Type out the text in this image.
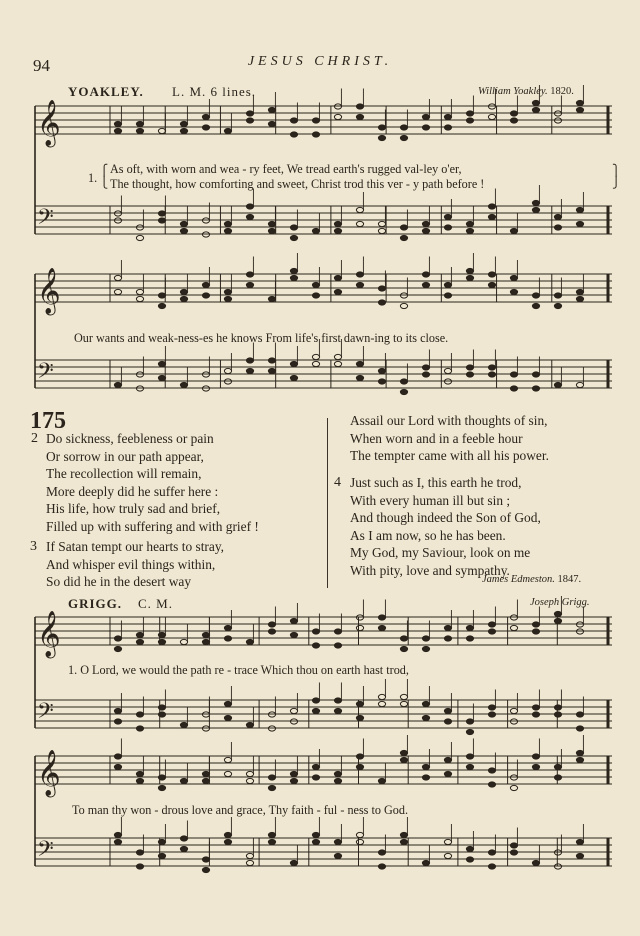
94	JESUS CHRIST.
YOAKLEY. L. M. 6 lines.	William Yoakley. 1820.
𝄞
𝄢
𝄞
𝄢
𝄞
𝄢
𝄞
𝄢
1. ⎧
⎩
As oft, with worn and wea - ry feet, We tread earth's rugged val-ley o'er,
The thought, how comforting and sweet, Christ trod this ver - y path before !
⎫
⎭
Our wants and weak-ness-es he knows From life's first dawn-ing to its close.
175
2 Do sickness, feebleness or pain
Or sorrow in our path appear,
The recollection will remain,
More deeply did he suffer here :
His life, how truly sad and brief,
Filled up with suffering and with grief !
3 If Satan tempt our hearts to stray,
And whisper evil things within,
So did he in the desert way
Assail our Lord with thoughts of sin,
When worn and in a feeble hour
The tempter came with all his power.
4 Just such as I, this earth he trod,
With every human ill but sin ;
And though indeed the Son of God,
As I am now, so he has been.
My God, my Saviour, look on me
With pity, love and sympathy.
James Edmeston. 1847.
GRIGG. C. M.	Joseph Grigg.
1. O Lord, we would the path re - trace Which thou on earth hast trod,
To man thy won - drous love and grace, Thy faith - ful - ness to God.
